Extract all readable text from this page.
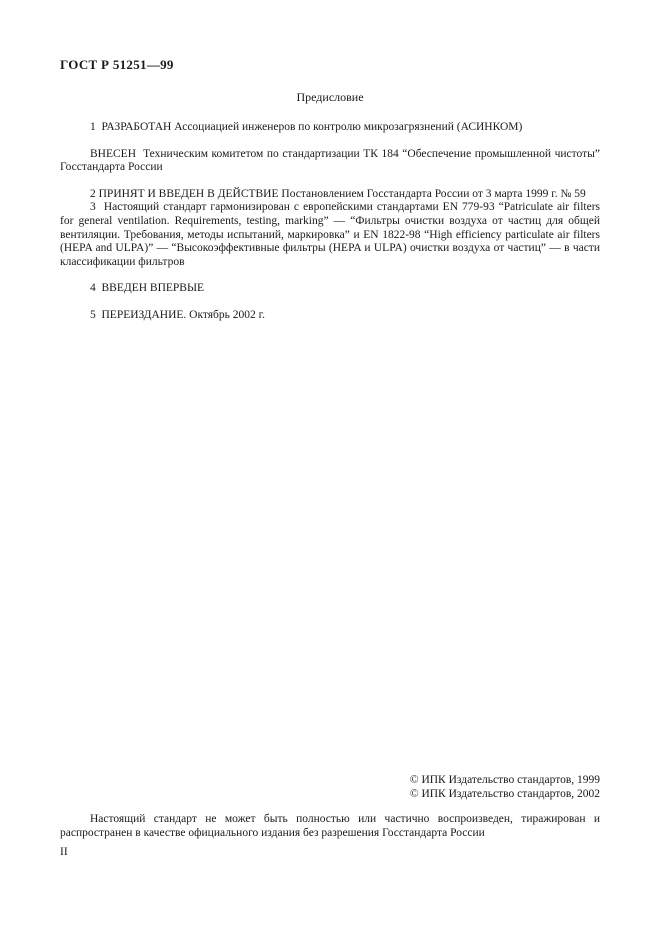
ГОСТ Р 51251—99
Предисловие

1  РАЗРАБОТАН Ассоциацией инженеров по контролю микрозагрязнений (АСИНКОМ)

ВНЕСЕН  Техническим комитетом по стандартизации ТК 184 “Обеспечение промышленной чистоты” Госстандарта России

2 ПРИНЯТ И ВВЕДЕН В ДЕЙСТВИЕ Постановлением Госстандарта России от 3 марта 1999 г. № 59

3  Настоящий стандарт гармонизирован с европейскими стандартами EN 779-93 “Patriculate air filters for general ventilation. Requirements, testing, marking” — “Фильтры очистки воздуха от частиц для общей вентиляции. Требования, методы испытаний, маркировка” и EN 1822-98 “High efficiency particulate air filters (HEPA and ULPA)” — “Высокоэффективные фильтры (HEPA и ULPA) очистки воздуха от частиц” — в части классификации фильтров

4  ВВЕДЕН ВПЕРВЫЕ

5  ПЕРЕИЗДАНИЕ. Октябрь 2002 г.

© ИПК Издательство стандартов, 1999
© ИПК Издательство стандартов, 2002

Настоящий стандарт не может быть полностью или частично воспроизведен, тиражирован и распространен в качестве официального издания без разрешения Госстандарта России

II
